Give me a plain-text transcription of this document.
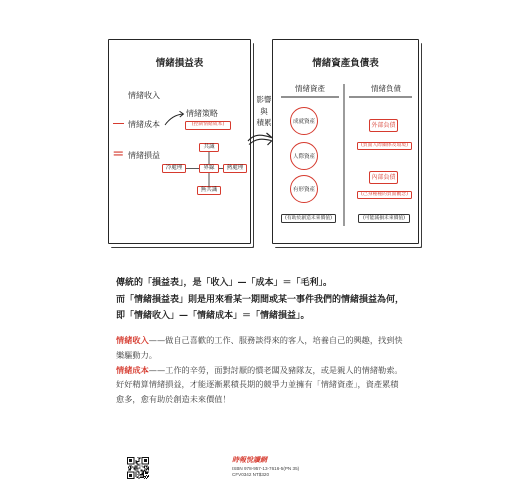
情緒損益表
情緒收入
— 情緒成本
情緒策略
(控制情緒成本)
= 情緒損益
共識
冷處理	界線	熱處理
無共識
影響
與
積累
情緒資產負債表
情緒資產	情緒負債
成就資產
人際資產
有形資產
(有助於創造未來價值)
外部負債
(負面人際關係及環境)
內部負債
(己身種種的負面觀念)
(可能減損未來價值)
傳統的「損益表」，是「收入」—「成本」＝「毛利」。
而「情緒損益表」則是用來看某一期間或某一事件我們的情緒損益為何，
即「情緒收入」—「情緒成本」＝「情緒損益」。
情緒收入——做自己喜歡的工作、服務談得來的客人，培養自己的興趣，找到快
樂驅動力。
情緒成本——工作的辛勞，面對討厭的慣老闆及豬隊友，或是親人的情緒勒索。
好好精算情緒損益，才能逐漸累積長期的競爭力並擁有「情緒資產」，資產累積
愈多，愈有助於創造未來價值！
時報悅讀網
ISBN 978-957-13-7616-5(PN 35)
CFV0342 NT$320
